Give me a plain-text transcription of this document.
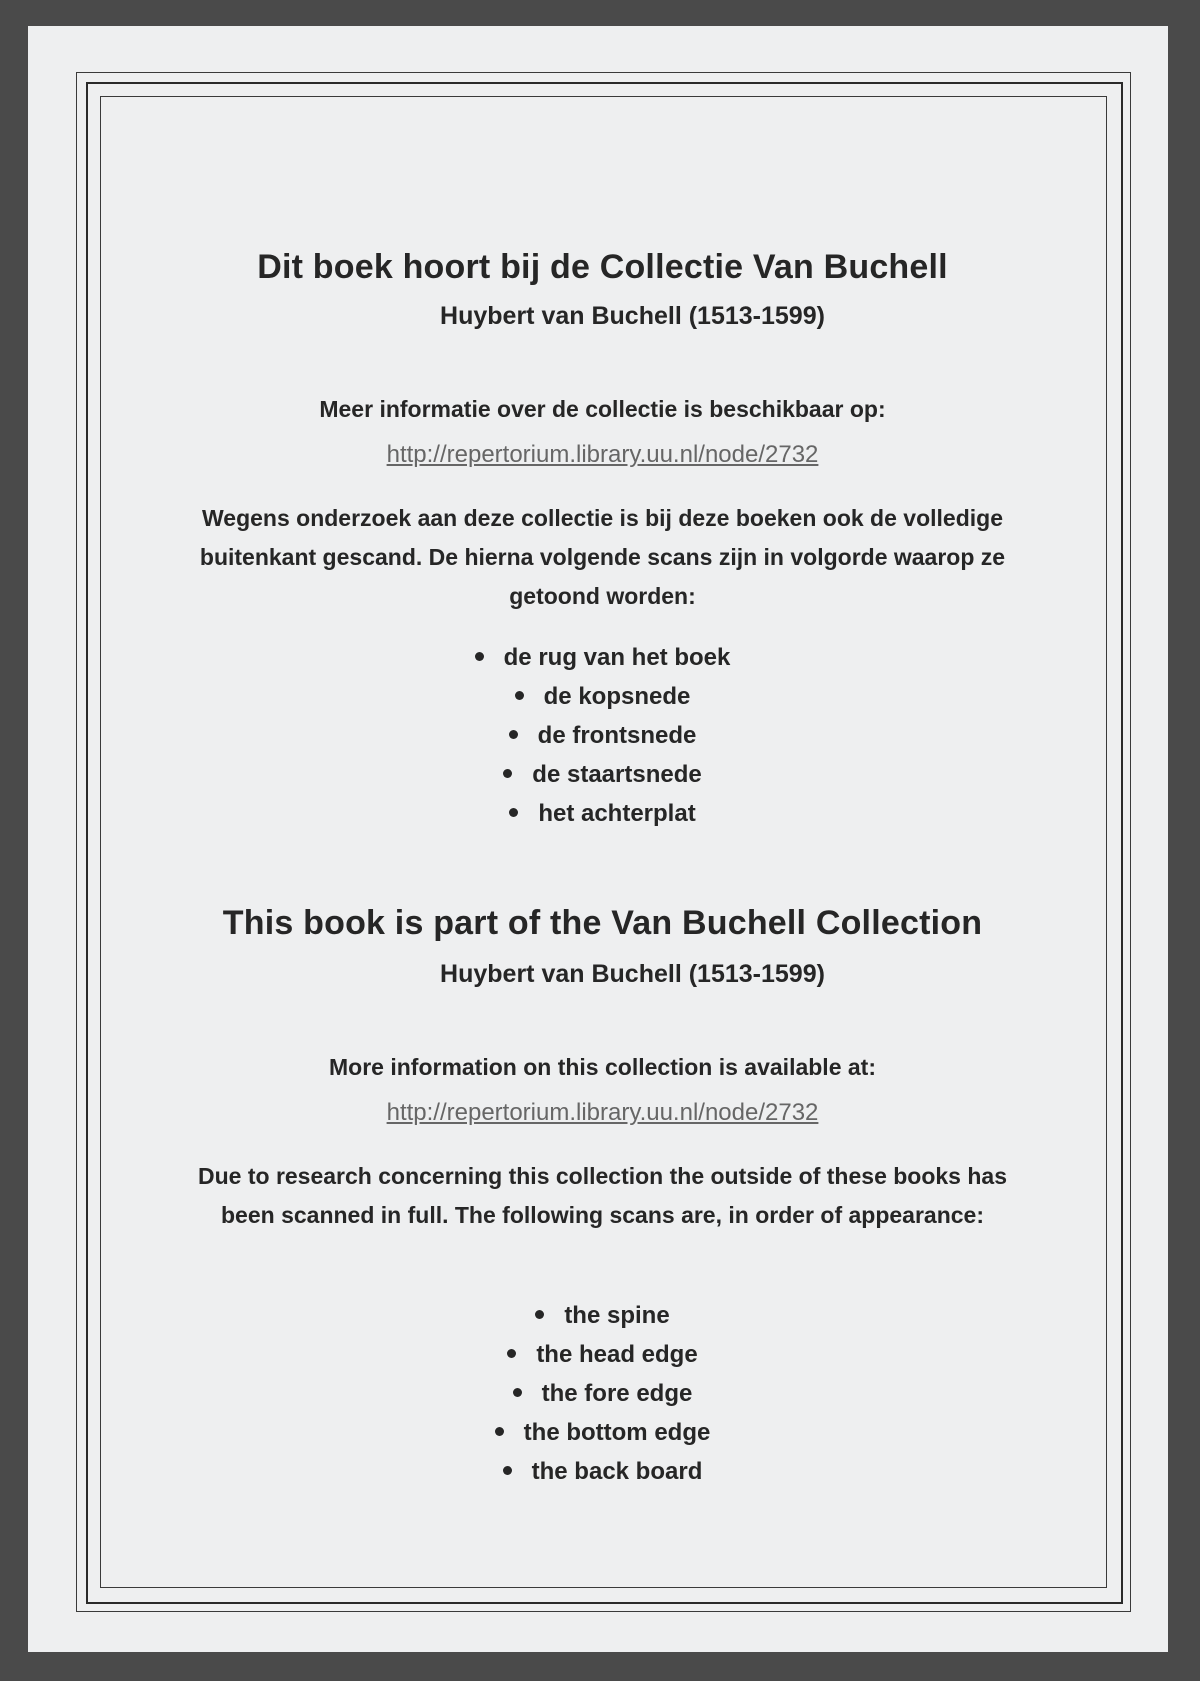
Dit boek hoort bij de Collectie Van Buchell
Huybert van Buchell (1513-1599)
Meer informatie over de collectie is beschikbaar op:
http://repertorium.library.uu.nl/node/2732
Wegens onderzoek aan deze collectie is bij deze boeken ook de volledige buitenkant gescand. De hierna volgende scans zijn in volgorde waarop ze getoond worden:
de rug van het boek
de kopsnede
de frontsnede
de staartsnede
het achterplat
This book is part of the Van Buchell Collection
Huybert van Buchell (1513-1599)
More information on this collection is available at:
http://repertorium.library.uu.nl/node/2732
Due to research concerning this collection the outside of these books has been scanned in full. The following scans are, in order of appearance:
the spine
the head edge
the fore edge
the bottom edge
the back board
